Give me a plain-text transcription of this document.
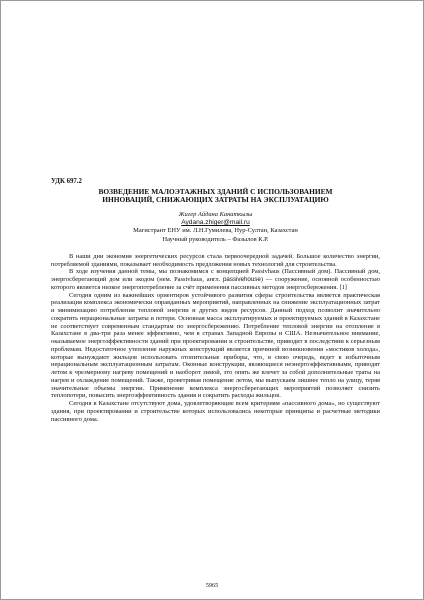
УДК 697.2
ВОЗВЕДЕНИЕ МАЛОЭТАЖНЫХ ЗДАНИЙ С ИСПОЛЬЗОВАНИЕМ
ИННОВАЦИЙ, СНИЖАЮЩИХ ЗАТРАТЫ НА ЭКСПЛУАТАЦИЮ
Жигер Айдана Канаткызы
Aydana.zhiger@mail.ru
Магистрант ЕНУ им. Л.Н.Гумилева, Нур-Султан, Казахстан
Научный руководитель – Фазылов К.Р.

В наши дни экономия энергетических ресурсов стала первоочередной задачей. Большое количество энергии, потребляемой зданиями, показывает необходимость предложения новых технологий для строительства.

В ходе изучения данной темы, мы познакомимся с концепцией Passivhaus (Пассивный дом). Пассивный дом, энергосберегающий дом или экодом (нем. Passivhaus, англ. passivehouse) — сооружение, основной особенностью которого является низкое энергопотребление за счёт применения пассивных методов энергосбережения. [1]

Сегодня одним из важнейших ориентиров устойчивого развития сферы строительства является практическая реализация комплекса экономически оправданных мероприятий, направленных на снижение эксплуатационных затрат и минимизацию потребления тепловой энергии и других видов ресурсов. Данный подход позволит значительно сократить нерациональные затраты и потери. Основная масса эксплуатируемых и проектируемых зданий в Казахстане не соответствует современным стандартам по энергосбережению. Потребление тепловой энергии на отопление в Казахстане в два-три раза менее эффективно, чем в странах Западной Европы и США. Незначительное внимание, оказываемое энергоэффективности зданий при проектировании и строительстве, приводит в последствии к серьезным проблемам. Недостаточное утепление наружных конструкций является причиной возникновения «мостиков холода», которые вынуждают жильцов использовать отопительные приборы, что, в свою очередь, ведет к избыточным нерациональным эксплуатационным затратам. Оконные конструкции, являющиеся неэнергоэффективными, приводят летом к чрезмерному нагреву помещений и наоборот зимой, это опять же влечет за собой дополнительные траты на нагрев и охлаждение помещений. Также, проветривая помещение летом, мы выпускаем лишнее тепло на улицу, теряя значительные объемы энергии. Применение комплекса энергосберегающих мероприятий позволяет снизить теплопотери, повысить энергоэффективность здания и сократить расходы жильцов.

Сегодня в Казахстане отсутствуют дома, удовлетворяющие всем критериям «пассивного дома», но существуют здания, при проектировании и строительстве которых использовались некоторые принципы и расчетные методики пассивного дома.

5965
